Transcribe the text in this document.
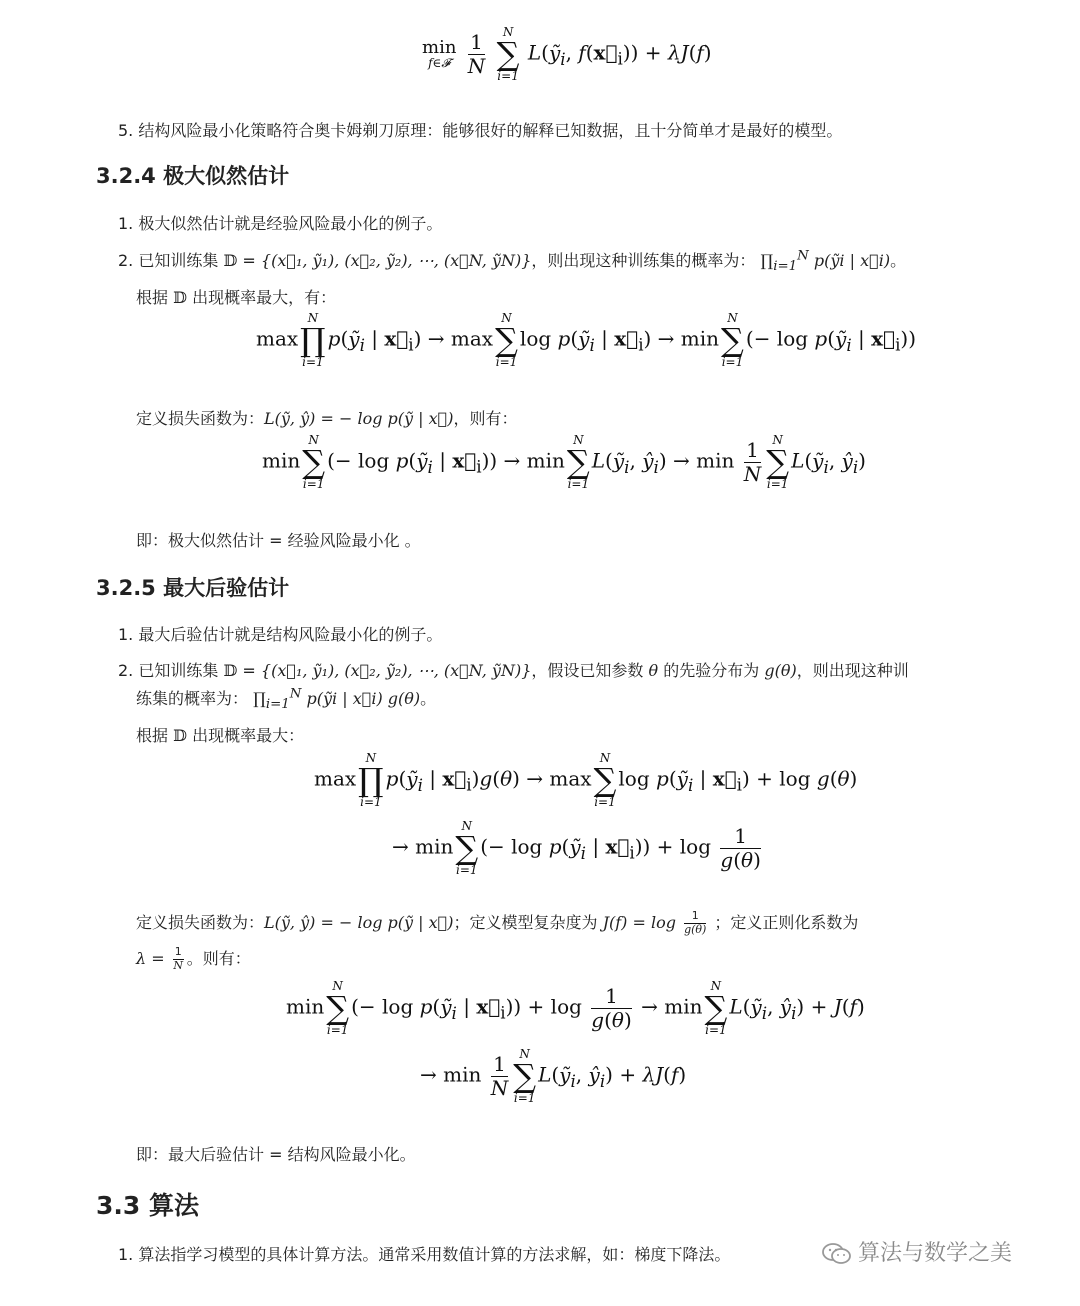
min
f∈𝓕
$\frac{1}{N}$
	N
∑
i=1
L(ỹ$_i$, $f(x⃗_i)) + \lambda J(f)$
5. 结构风险最小化策略符合奥卡姆剃刀原理：能够很好的解释已知数据，且十分简单才是最好的模型。
3.2.4 极大似然估计
1. 极大似然估计就是经验风险最小化的例子。
2. 已知训练集 𝔻 = {(x⃗₁, ỹ₁), (x⃗₂, ỹ₂), ⋯, (x⃗N, ỹN)}，则出现这种训练集的概率为： $\prod_{i=1}^N$ p(ỹi | x⃗i)。
根据 𝔻 出现概率最大，有：
max
N
∏
i=1
p(ỹ$_i$ | $x⃗_i) \to \max$
N
∑
i=1
log p(ỹ$_i$ | $x⃗_i) \to \min$
N
∑
i=1
(− log p(ỹ$_i$ | $x⃗_i$))
定义损失函数为：L(ỹ, ŷ) = − log p(ỹ | x⃗)，则有：
min
N
∑
i=1
(− log p(ỹ$_i$ | $x⃗_i)) \to \min$
N
∑
i=1
L(ỹ$_i$, $ŷ_i) \to \min \frac{1}{N}$ N
∑
i=1
L(ỹ$_i$, $ŷ_i$)
即：极大似然估计 = 经验风险最小化 。
3.2.5 最大后验估计
1. 最大后验估计就是结构风险最小化的例子。
2. 已知训练集 𝔻 = {(x⃗₁, ỹ₁), (x⃗₂, ỹ₂), ⋯, (x⃗N, ỹN)}，假设已知参数 θ 的先验分布为 g(θ)，则出现这种训
练集的概率为： $\prod_{i=1}^N$ p(ỹi | x⃗i) g(θ)。
根据 𝔻 出现概率最大：
max
N
∏
i=1
p(ỹ$_i$ | $x⃗_i)g(\theta) \to \max$
N
∑
i=1
log p(ỹ$_i$ | $x⃗_i) + \log g(\theta)$
→ min
N
∑
i=1
(− log p(ỹ$_i$ | $x⃗_i)) + \log \frac{1}{g(\theta)}$
定义损失函数为：L(ỹ, ŷ) = − log p(ỹ | x⃗)；定义模型复杂度为 $J(f) = \log \frac{1}{g(\theta)}$ ；定义正则化系数为
$\lambda = \frac{1}{N}$ 。则有：
min
N
∑
i=1
(− log p(ỹ$_i$ | $x⃗_i)) + \log \frac{1}{g(\theta)} \to \min$
N
∑
i=1
L(ỹ$_i$, $ŷ_i) + J(f)$
→ $\min \frac{1}{N}$ N
∑
i=1
L(ỹ$_i$, $ŷ_i) + \lambda J(f)$
即：最大后验估计 = 结构风险最小化。
3.3 算法
1. 算法指学习模型的具体计算方法。通常采用数值计算的方法求解，如：梯度下降法。	算法与数学之美
